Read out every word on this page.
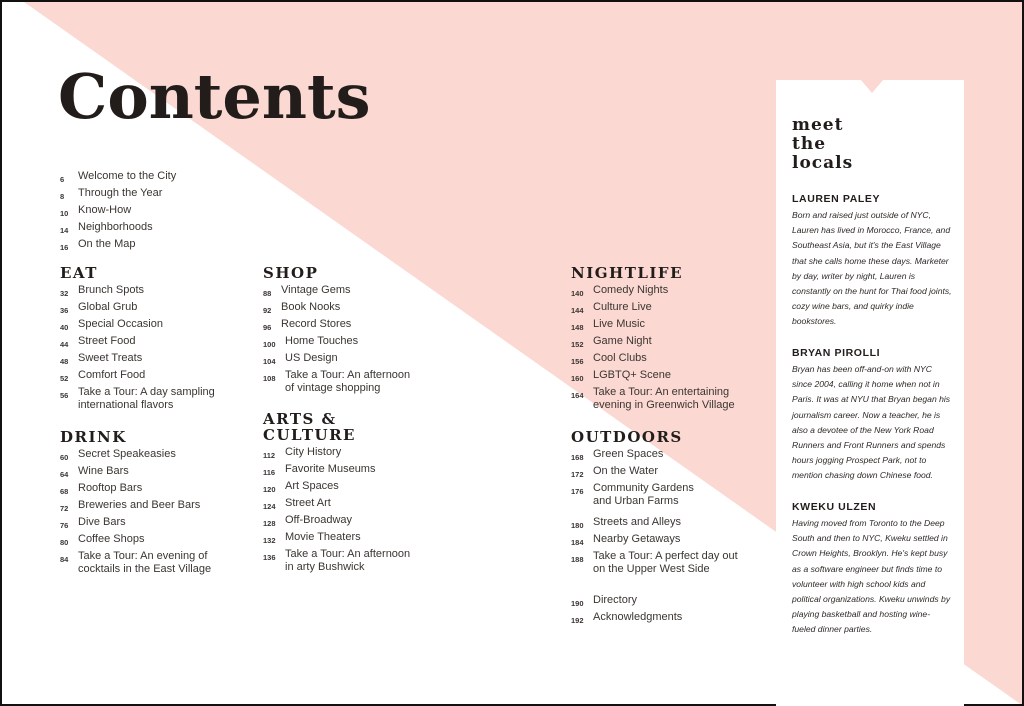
Contents
6	Welcome to the City
8	Through the Year
10 Know-How
14 Neighborhoods
16 On the Map
EAT
32 Brunch Spots
36 Global Grub
40 Special Occasion
44 Street Food
48 Sweet Treats
52 Comfort Food
56 Take a Tour: A day sampling
international flavors
DRINK
60 Secret Speakeasies
64 Wine Bars
68 Rooftop Bars
72 Breweries and Beer Bars
76 Dive Bars
80 Coffee Shops
84 Take a Tour: An evening of
cocktails in the East Village
SHOP
88 Vintage Gems
92 Book Nooks
96 Record Stores
100 Home Touches
104 US Design
108 Take a Tour: An afternoon
of vintage shopping
ARTS &
CULTURE
112 City History
116 Favorite Museums
120 Art Spaces
124 Street Art
128 Off-Broadway
132 Movie Theaters
136 Take a Tour: An afternoon
in arty Bushwick
NIGHTLIFE
140 Comedy Nights
144 Culture Live
148 Live Music
152 Game Night
156 Cool Clubs
160 LGBTQ+ Scene
164 Take a Tour: An entertaining
evening in Greenwich Village
OUTDOORS
168 Green Spaces
172 On the Water
176 Community Gardens
and Urban Farms
180 Streets and Alleys
184 Nearby Getaways
188 Take a Tour: A perfect day out
on the Upper West Side
190 Directory
192 Acknowledgments
meet
the
locals
LAUREN PALEY
Born and raised just outside of NYC, Lauren has lived in Morocco, France, and Southeast Asia, but it's the East Village that she calls home these days. Marketer by day, writer by night, Lauren is constantly on the hunt for Thai food joints, cozy wine bars, and quirky indie bookstores.
BRYAN PIROLLI
Bryan has been off-and-on with NYC since 2004, calling it home when not in Paris. It was at NYU that Bryan began his journalism career. Now a teacher, he is also a devotee of the New York Road Runners and Front Runners and spends hours jogging Prospect Park, not to mention chasing down Chinese food.
KWEKU ULZEN
Having moved from Toronto to the Deep South and then to NYC, Kweku settled in Crown Heights, Brooklyn. He's kept busy as a software engineer but finds time to volunteer with high school kids and political organizations. Kweku unwinds by playing basketball and hosting wine-fueled dinner parties.
